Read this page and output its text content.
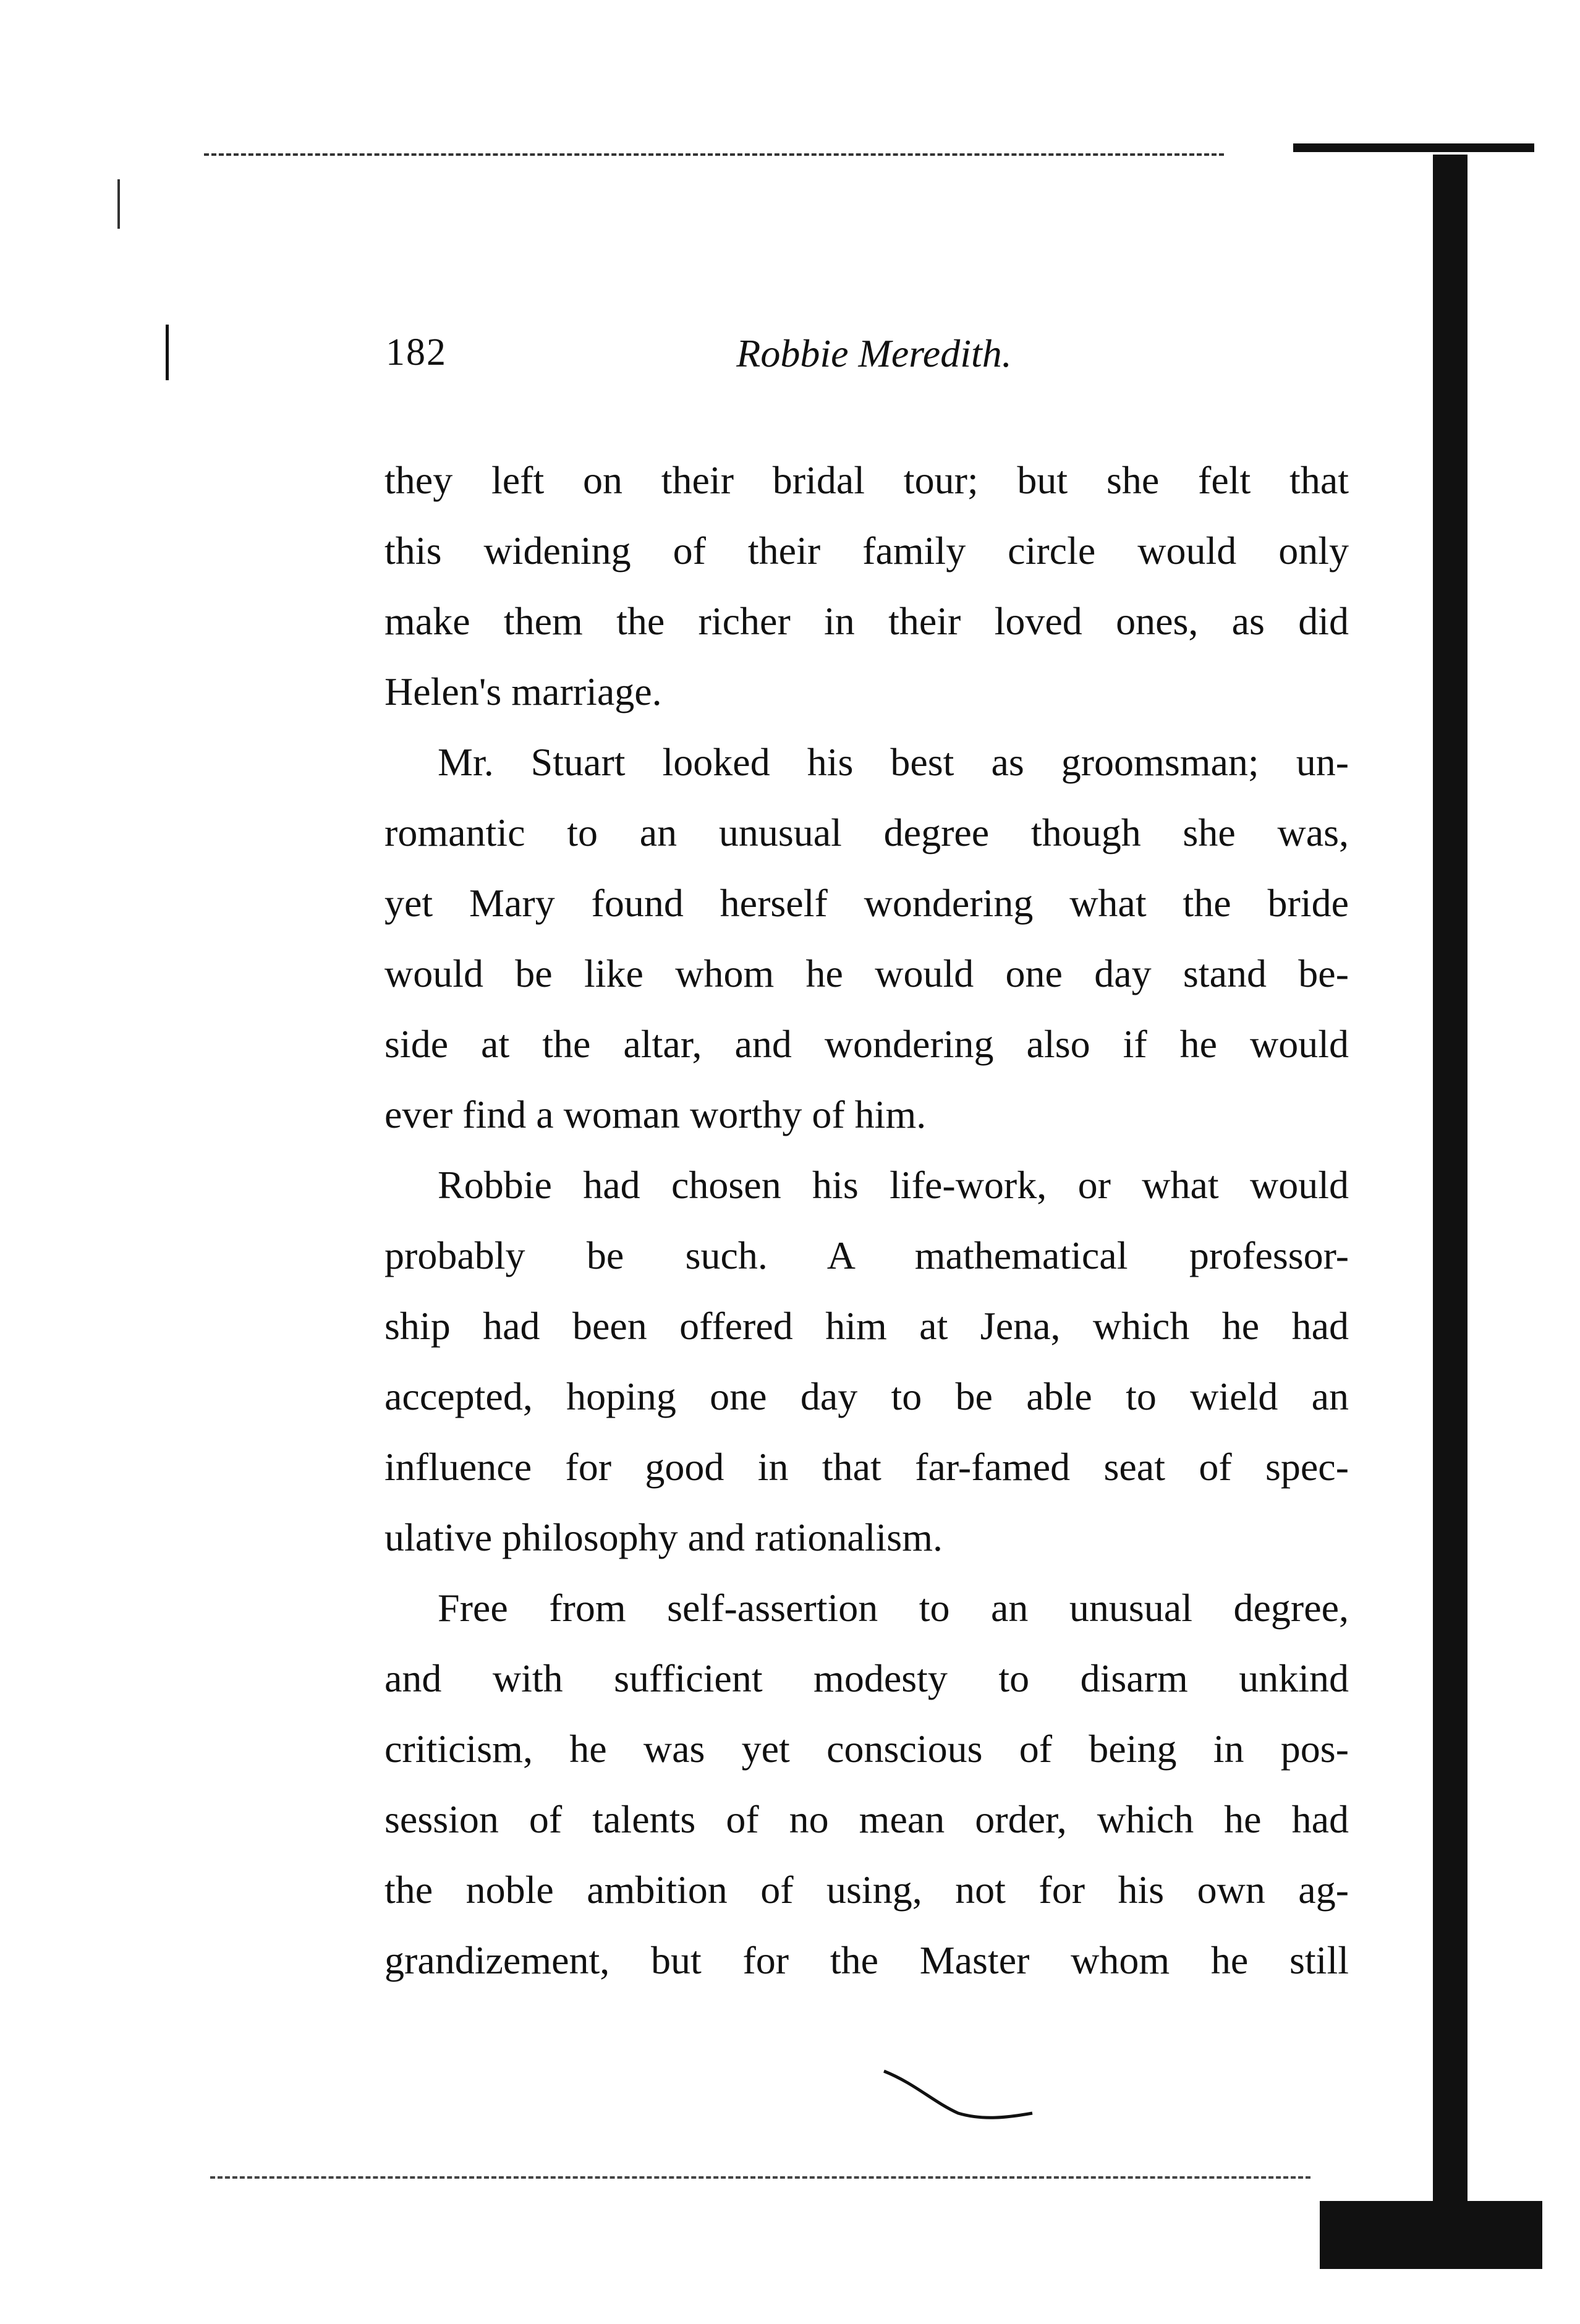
182	Robbie Meredith.
they left on their bridal tour; but she felt that
this widening of their family circle would only
make them the richer in their loved ones, as did
Helen's marriage.
Mr. Stuart looked his best as groomsman; un-
romantic to an unusual degree though she was,
yet Mary found herself wondering what the bride
would be like whom he would one day stand be-
side at the altar, and wondering also if he would
ever find a woman worthy of him.
Robbie had chosen his life-work, or what would
probably be such. A mathematical professor-
ship had been offered him at Jena, which he had
accepted, hoping one day to be able to wield an
influence for good in that far-famed seat of spec-
ulative philosophy and rationalism.
Free from self-assertion to an unusual degree,
and with sufficient modesty to disarm unkind
criticism, he was yet conscious of being in pos-
session of talents of no mean order, which he had
the noble ambition of using, not for his own ag-
grandizement, but for the Master whom he still
